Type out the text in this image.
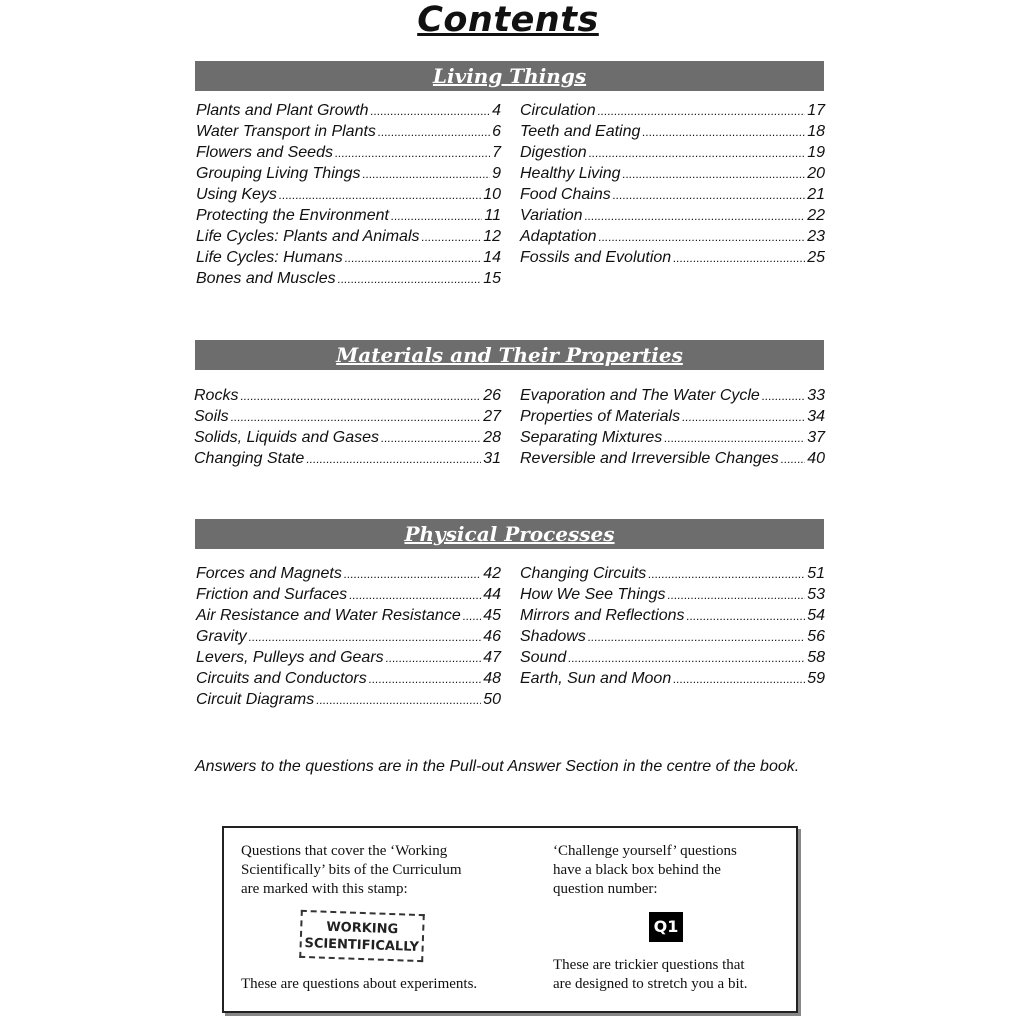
Contents
Living Things
Plants and Plant Growth .....	4
Water Transport in Plants .....	6
Flowers and Seeds .....	7
Grouping Living Things .....	9
Using Keys .....	10
Protecting the Environment .....	11
Life Cycles: Plants and Animals .....	12
Life Cycles: Humans .....	14
Bones and Muscles .....	15
Circulation .....	17
Teeth and Eating .....	18
Digestion .....	19
Healthy Living .....	20
Food Chains .....	21
Variation .....	22
Adaptation .....	23
Fossils and Evolution .....	25
Materials and Their Properties
Rocks .....	26
Soils .....	27
Solids, Liquids and Gases .....	28
Changing State .....	31
Evaporation and The Water Cycle .....	33
Properties of Materials .....	34
Separating Mixtures .....	37
Reversible and Irreversible Changes ..... 40
Physical Processes
Forces and Magnets .....	42
Friction and Surfaces .....	44
Air Resistance and Water Resistance ..... 45
Gravity .....	46
Levers, Pulleys and Gears .....	47
Circuits and Conductors .....	48
Circuit Diagrams .....	50
Changing Circuits .....	51
How We See Things .....	53
Mirrors and Reflections .....	54
Shadows .....	56
Sound .....	58
Earth, Sun and Moon .....	59
Answers to the questions are in the Pull-out Answer Section in the centre of the book.
Questions that cover the ‘Working
Scientifically’ bits of the Curriculum
are marked with this stamp:
WORKING
SCIENTIFICALLY
These are questions about experiments.
‘Challenge yourself’ questions
have a black box behind the
question number:
Q1
These are trickier questions that
are designed to stretch you a bit.
